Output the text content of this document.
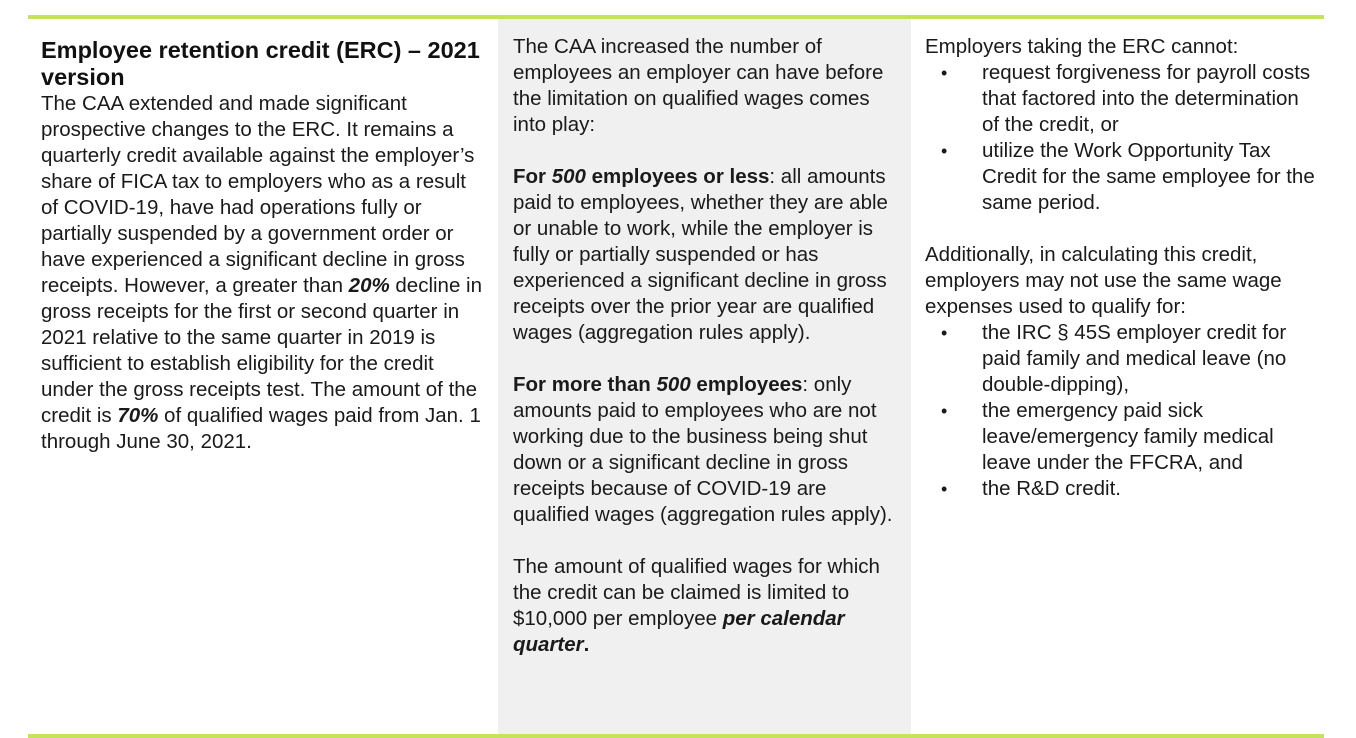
Employee retention credit (ERC) – 2021 version

The CAA extended and made significant prospective changes to the ERC. It remains a quarterly credit available against the employer’s share of FICA tax to employers who as a result of COVID-19, have had operations fully or partially suspended by a government order or have experienced a significant decline in gross receipts. However, a greater than 20% decline in gross receipts for the first or second quarter in 2021 relative to the same quarter in 2019 is sufficient to establish eligibility for the credit under the gross receipts test. The amount of the credit is 70% of qualified wages paid from Jan. 1 through June 30, 2021.

The CAA increased the number of employees an employer can have before the limitation on qualified wages comes into play:

For 500 employees or less: all amounts paid to employees, whether they are able or unable to work, while the employer is fully or partially suspended or has experienced a significant decline in gross receipts over the prior year are qualified wages (aggregation rules apply).

For more than 500 employees: only amounts paid to employees who are not working due to the business being shut down or a significant decline in gross receipts because of COVID-19 are qualified wages (aggregation rules apply).

The amount of qualified wages for which the credit can be claimed is limited to $10,000 per employee per calendar quarter.

Employers taking the ERC cannot:

• request forgiveness for payroll costs that factored into the determination of the credit, or
• utilize the Work Opportunity Tax Credit for the same employee for the same period.

Additionally, in calculating this credit, employers may not use the same wage expenses used to qualify for:

• the IRC § 45S employer credit for paid family and medical leave (no double-dipping),
• the emergency paid sick leave/emergency family medical leave under the FFCRA, and
• the R&D credit.
